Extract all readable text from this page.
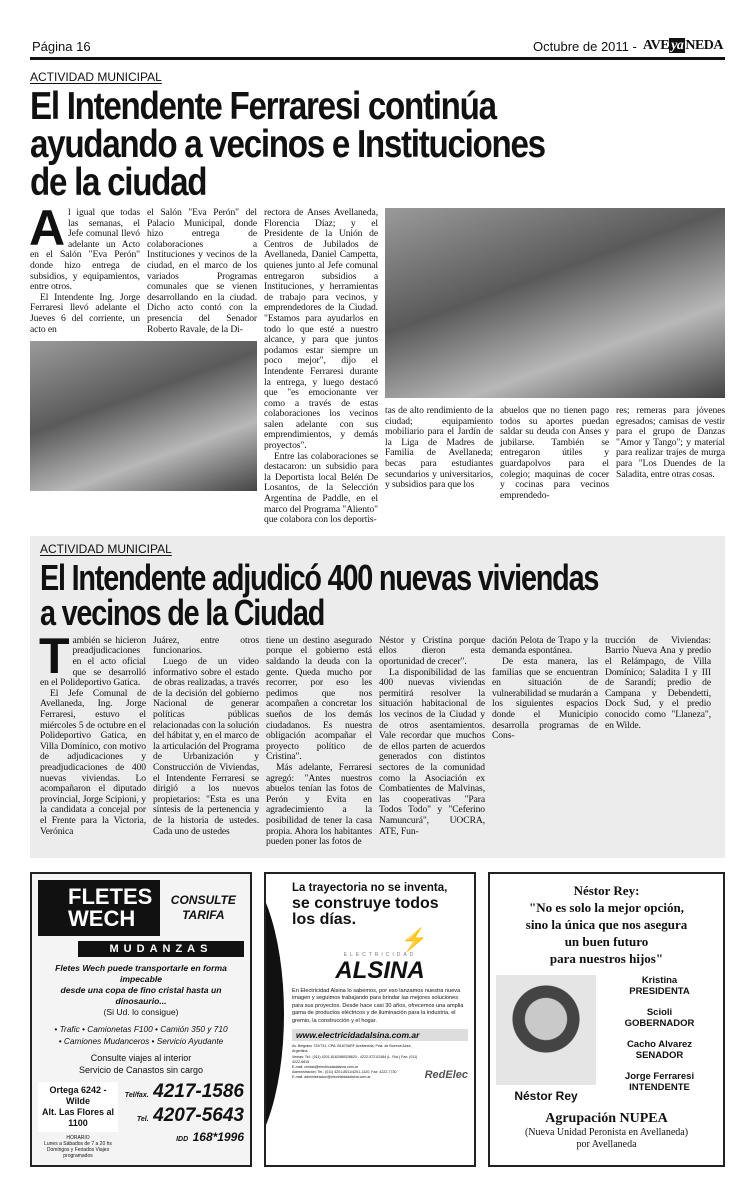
Página 16	Octubre de 2011 - AVE ya NEDA
ACTIVIDAD MUNICIPAL
El Intendente Ferraresi continúa
ayudando a vecinos e Instituciones
de la ciudad
A l igual que todas las semanas, el Jefe comunal llevó adelante un Acto en el Salón "Eva Perón" donde hizo entrega de subsidios, y equipamientos, entre otros.

El Intendente Ing. Jorge Ferraresi llevó adelante el Jueves 6 del corriente, un acto en

el Salón "Eva Perón" del Palacio Municipal, donde hizo entrega de colaboraciones a Instituciones y vecinos de la ciudad, en el marco de los variados Programas comunales que se vienen desarrollando en la ciudad. Dicho acto contó con la presencia del Senador Roberto Ravale, de la Di-

rectora de Anses Avellaneda, Florencia Díaz; y el Presidente de la Unión de Centros de Jubilados de Avellaneda, Daniel Campetta, quienes junto al Jefe comunal entregaron subsidios a Instituciones, y herramientas de trabajo para vecinos, y emprendedores de la Ciudad. "Estamos para ayudarlos en todo lo que esté a nuestro alcance, y para que juntos podamos estar siempre un poco mejor", dijo el Intendente Ferraresi durante la entrega, y luego destacó que "es emocionante ver como a través de estas colaboraciones los vecinos salen adelante con sus emprendimientos, y demás proyectos".

Entre las colaboraciones se destacaron: un subsidio para la Deportista local Belén De Losantos, de la Selección Argentina de Paddle, en el marco del Programa "Aliento" que colabora con los deportis-

tas de alto rendimiento de la ciudad; equipamiento mobiliario para el Jardín de la Liga de Madres de Familia de Avellaneda; becas para estudiantes secundarios y universitarios, y subsidios para que los

abuelos que no tienen pago todos su aportes puedan saldar su deuda con Anses y jubilarse. También se entregaron útiles y guardapolvos para el colegio; maquinas de cocer y cocinas para vecinos emprendedo-

res; remeras para jóvenes egresados; camisas de vestir para el grupo de Danzas "Amor y Tango"; y material para realizar trajes de murga para "Los Duendes de la Saladita, entre otras cosas.

ACTIVIDAD MUNICIPAL
El Intendente adjudicó 400 nuevas viviendas
a vecinos de la Ciudad
T ambién se hicieron preadjudicaciones en el acto oficial que se desarrolló en el Polideportivo Gatica.

El Jefe Comunal de Avellaneda, Ing. Jorge Ferraresi, estuvo el miércoles 5 de octubre en el Polideportivo Gatica, en Villa Domínico, con motivo de adjudicaciones y preadjudicaciones de 400 nuevas viviendas. Lo acompañaron el diputado provincial, Jorge Scipioni, y la candidata a concejal por el Frente para la Victoria, Verónica

Juárez, entre otros funcionarios.

Luego de un video informativo sobre el estado de obras realizadas, a través de la decisión del gobierno Nacional de generar políticas públicas relacionadas con la solución del hábitat y, en el marco de la articulación del Programa de Urbanización y Construcción de Viviendas, el Intendente Ferraresi se dirigió a los nuevos propietarios: "Esta es una síntesis de la pertenencia y de la historia de ustedes. Cada uno de ustedes

tiene un destino asegurado porque el gobierno está saldando la deuda con la gente. Queda mucho por recorrer, por eso les pedimos que nos acompañen a concretar los sueños de los demás ciudadanos. Es nuestra obligación acompañar el proyecto político de Cristina".

Más adelante, Ferraresi agregó: "Antes nuestros abuelos tenían las fotos de Perón y Evita en agradecimiento a la posibilidad de tener la casa propia. Ahora los habitantes pueden poner las fotos de

Néstor y Cristina porque ellos dieron esta oportunidad de crecer".

La disponibilidad de las 400 nuevas viviendas permitirá resolver la situación habitacional de los vecinos de la Ciudad y de otros asentamientos. Vale recordar que muchos de ellos parten de acuerdos generados con distintos sectores de la comunidad como la Asociación ex Combatientes de Malvinas, las cooperativas "Para Todos Todo" y "Ceferino Namuncurá", UOCRA, ATE, Fun-

dación Pelota de Trapo y la demanda espontánea.

De esta manera, las familias que se encuentran en situación de vulnerabilidad se mudarán a los siguientes espacios donde el Municipio desarrolla programas de Cons-

trucción de Viviendas: Barrio Nueva Ana y predio el Relámpago, de Villa Domínico; Saladita I y III de Sarandí; predio de Campana y Debendetti, Dock Sud, y el predio conocido como "Llaneza", en Wilde.

FLETES
WECH
CONSULTE TARIFA
MUDANZAS
Fletes Wech puede transportarle en forma impecable
desde una copa de fino cristal hasta un dinosaurio...
(Si Ud. lo consigue)
• Trafic • Camionetas F100 • Camión 350 y 710
• Camiones Mudanceros • Servicio Ayudante
Consulte viajes al interior
Servicio de Canastos sin cargo
Ortega 6242 - Wilde
Alt. Las Flores al 1100
HORARIO
Lunes a Sábados de 7 a 20 hs
Domingos y Feriados Viajes programados
Tel/fax. 4217-1586
Tel. 4207-5643
IDD 168*1996
La trayectoria no se inventa,
se construye todos
los días.
⚡
ELECTRICIDAD
ALSINA
En Electricidad Alsina lo sabemos, por eso lanzamos nuestra nueva imagen y seguimos trabajando para brindar las mejores soluciones para sus proyectos. Desde hace casi 30 años, ofrecemos una amplia gama de productos eléctricos y de iluminación para la industria, el gremio, la construcción y el hogar.
www.electricidadalsina.com.ar
Av. Belgrano 720/731, CPA: B1870ARF Avellaneda, Pcia. de Buenos Aires, Argentina.
Ventas: Tel.: (011) 4201-8162/8602/8620 - 4222-5721/2484 (L. Rot.) Fax: (011) 4222-6815
E-mail: ventas@electricidadalsina.com.ar
Administración: Tel.: (011) 4201-8511/4201-1320, Fax: 4222-7730
E-mail: administracion@electricidadalsina.com.ar	RedElec
Néstor Rey:
"No es solo la mejor opción,
sino la única que nos asegura
un buen futuro
para nuestros hijos"
Néstor Rey
Kristina
PRESIDENTA
Scioli
GOBERNADOR
Cacho Alvarez
SENADOR
Jorge Ferraresi
INTENDENTE
Agrupación NUPEA
(Nueva Unidad Peronista en Avellaneda)
por Avellaneda
